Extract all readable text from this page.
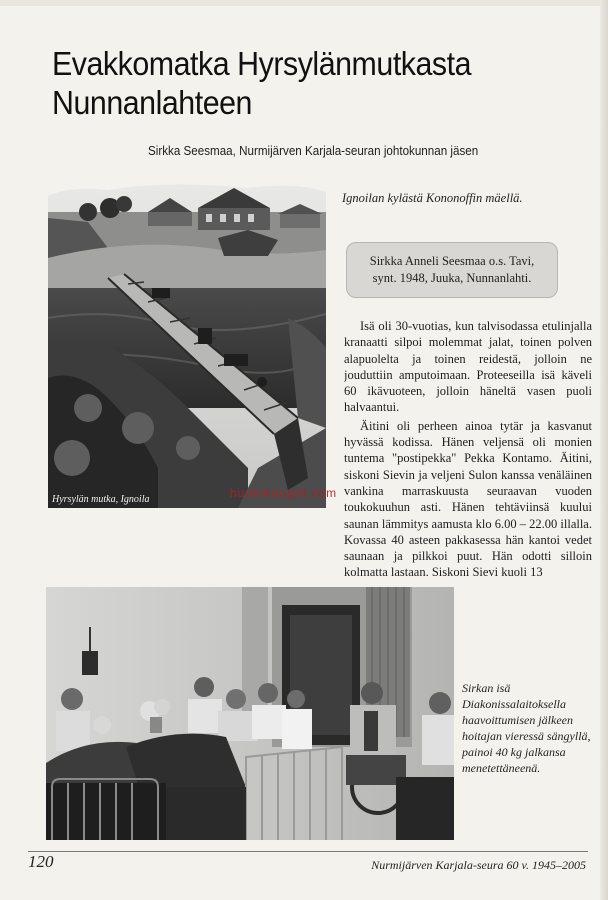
Evakkomatka Hyrsylänmutkasta
Nunnanlahteen
Sirkka Seesmaa, Nurmijärven Karjala-seuran johtokunnan jäsen
Hyrsylän mutka, Ignoila
Ignoilan kylästä Kononoffin mäellä.
Sirkka Anneli Seesmaa o.s. Tavi,
synt. 1948, Juuka, Nunnanlahti.

Isä oli 30-vuotias, kun talvisodassa etulinjalla kranaatti silpoi molemmat jalat, toinen polven alapuolelta ja toinen reidestä, jolloin ne jouduttiin amputoimaan. Proteeseilla isä käveli 60 ikävuoteen, jolloin häneltä vasen puoli halvaantui.

Äitini oli perheen ainoa tytär ja kasvanut hyvässä kodissa. Hänen veljensä oli monien tuntema "postipekka" Pekka Kontamo. Äitini, siskoni Sievin ja veljeni Sulon kanssa venäläinen vankina marraskuusta seuraavan vuoden toukokuuhun asti. Hänen tehtäviinsä kuului saunan lämmitys aamusta klo 6.00 – 22.00 illalla. Kovassa 40 asteen pakkasessa hän kantoi vedet saunaan ja pilkkoi puut. Hän odotti silloin kolmatta lastaan. Siskoni Sievi kuoli 13

huutokaupat.com
Sirkan isä Diakonissalaitoksella haavoittumisen jälkeen hoitajan vieressä sängyllä, painoi 40 kg jalkansa menetettäneenä.
120	Nurmijärven Karjala-seura 60 v. 1945–2005
